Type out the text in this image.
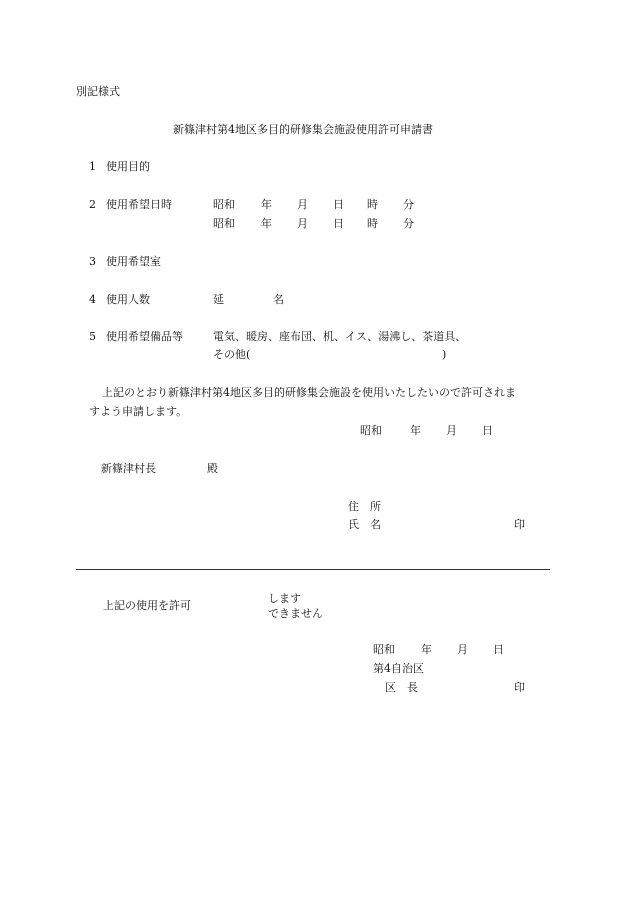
別記様式
新篠津村第4地区多目的研修集会施設使用許可申請書
1 使用目的
2 使用希望日時	昭和 年 月 日 時 分
昭和 年 月 日 時 分
3 使用希望室
4 使用人数	延	名
5 使用希望備品等	電気、暖房、座布団、机、イス、湯沸し、茶道具、
その他(	)
上記のとおり新篠津村第4地区多目的研修集会施設を使用いたしたいので許可されま
すよう申請します。
昭和	年 月 日
新篠津村長	殿
住　所
氏　名	印
上記の使用を許可
します
できません
昭和 年 月 日
第4自治区
区　長	印
